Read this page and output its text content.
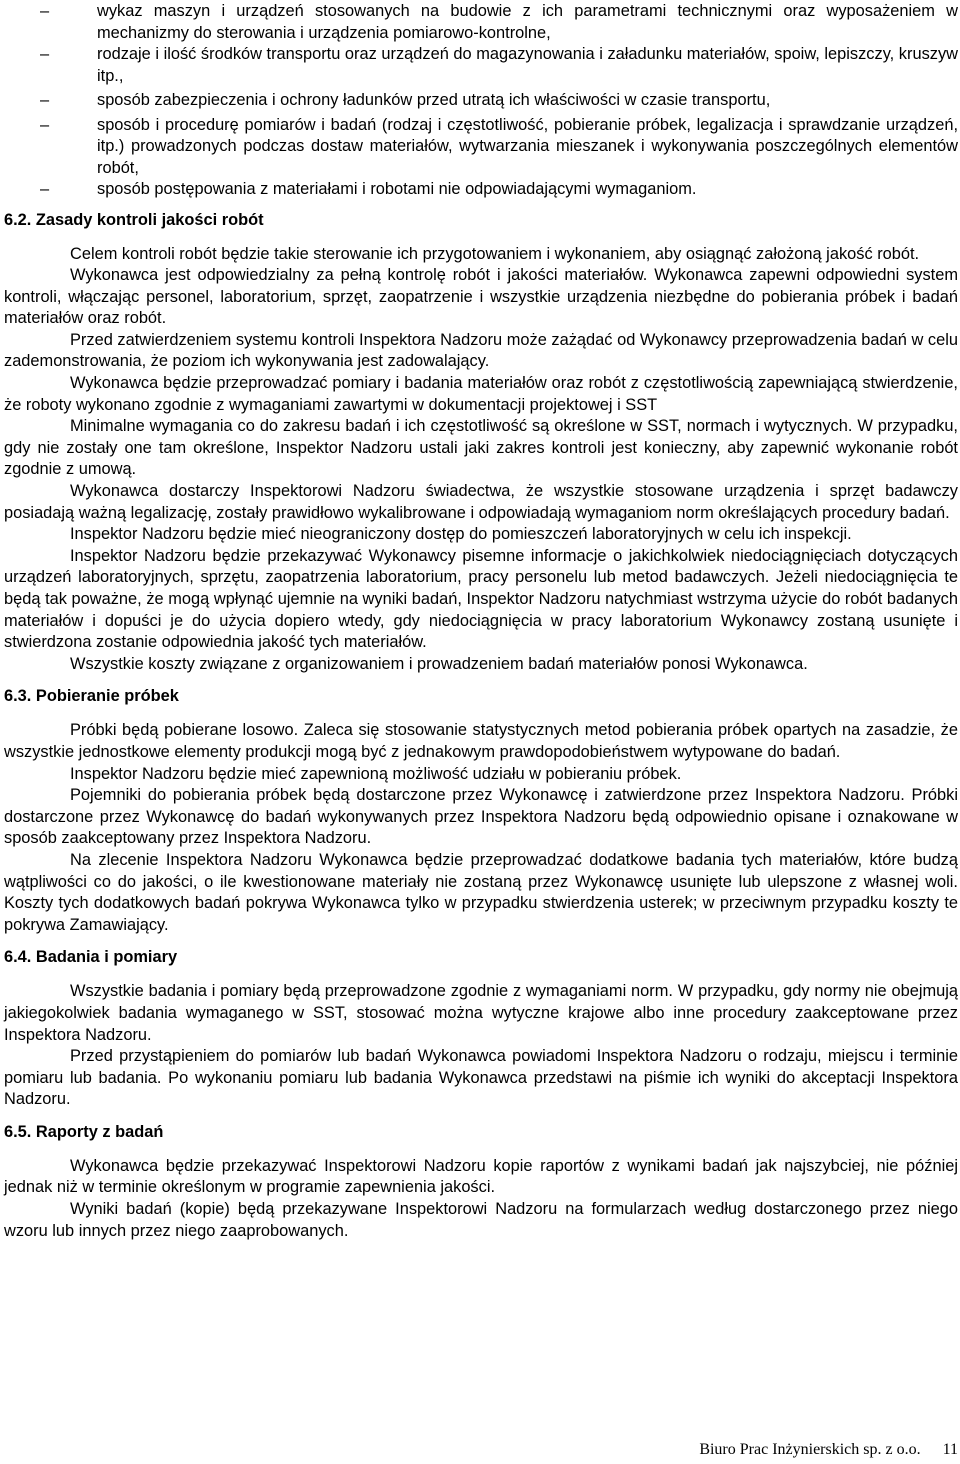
–	wykaz maszyn i urządzeń stosowanych na budowie z ich parametrami technicznymi oraz wyposażeniem w mechanizmy do sterowania i urządzenia pomiarowo-kontrolne,
–	rodzaje i ilość środków transportu oraz urządzeń do magazynowania i załadunku materiałów, spoiw, lepiszczy, kruszyw itp.,
–	sposób zabezpieczenia i ochrony ładunków przed utratą ich właściwości w czasie transportu,
–	sposób i procedurę pomiarów i badań (rodzaj i częstotliwość, pobieranie próbek, legalizacja i sprawdzanie urządzeń, itp.) prowadzonych podczas dostaw materiałów, wytwarzania mieszanek i wykonywania poszczególnych elementów robót,
–	sposób postępowania z materiałami i robotami nie odpowiadającymi wymaganiom.
6.2. Zasady kontroli jakości robót

Celem kontroli robót będzie takie sterowanie ich przygotowaniem i wykonaniem, aby osiągnąć założoną jakość robót.

Wykonawca jest odpowiedzialny za pełną kontrolę robót i jakości materiałów. Wykonawca zapewni odpowiedni system kontroli, włączając personel, laboratorium, sprzęt, zaopatrzenie i wszystkie urządzenia niezbędne do pobierania próbek i badań materiałów oraz robót.

Przed zatwierdzeniem systemu kontroli Inspektora Nadzoru może zażądać od Wykonawcy przeprowadzenia badań w celu zademonstrowania, że poziom ich wykonywania jest zadowalający.

Wykonawca będzie przeprowadzać pomiary i badania materiałów oraz robót z częstotliwością zapewniającą stwierdzenie, że roboty wykonano zgodnie z wymaganiami zawartymi w dokumentacji projektowej i SST

Minimalne wymagania co do zakresu badań i ich częstotliwość są określone w SST, normach i wytycznych. W przypadku, gdy nie zostały one tam określone, Inspektor Nadzoru ustali jaki zakres kontroli jest konieczny, aby zapewnić wykonanie robót zgodnie z umową.

Wykonawca dostarczy Inspektorowi Nadzoru świadectwa, że wszystkie stosowane urządzenia i sprzęt badawczy posiadają ważną legalizację, zostały prawidłowo wykalibrowane i odpowiadają wymaganiom norm określających procedury badań.

Inspektor Nadzoru będzie mieć nieograniczony dostęp do pomieszczeń laboratoryjnych w celu ich inspekcji.

Inspektor Nadzoru będzie przekazywać Wykonawcy pisemne informacje o jakichkolwiek niedociągnięciach dotyczących urządzeń laboratoryjnych, sprzętu, zaopatrzenia laboratorium, pracy personelu lub metod badawczych. Jeżeli niedociągnięcia te będą tak poważne, że mogą wpłynąć ujemnie na wyniki badań, Inspektor Nadzoru natychmiast wstrzyma użycie do robót badanych materiałów i dopuści je do użycia dopiero wtedy, gdy niedociągnięcia w pracy laboratorium Wykonawcy zostaną usunięte i stwierdzona zostanie odpowiednia jakość tych materiałów.

Wszystkie koszty związane z organizowaniem i prowadzeniem badań materiałów ponosi Wykonawca.

6.3. Pobieranie próbek

Próbki będą pobierane losowo. Zaleca się stosowanie statystycznych metod pobierania próbek opartych na zasadzie, że wszystkie jednostkowe elementy produkcji mogą być z jednakowym prawdopodobieństwem wytypowane do badań.

Inspektor Nadzoru będzie mieć zapewnioną możliwość udziału w pobieraniu próbek.

Pojemniki do pobierania próbek będą dostarczone przez Wykonawcę i zatwierdzone przez Inspektora Nadzoru. Próbki dostarczone przez Wykonawcę do badań wykonywanych przez Inspektora Nadzoru będą odpowiednio opisane i oznakowane w sposób zaakceptowany przez Inspektora Nadzoru.

Na zlecenie Inspektora Nadzoru Wykonawca będzie przeprowadzać dodatkowe badania tych materiałów, które budzą wątpliwości co do jakości, o ile kwestionowane materiały nie zostaną przez Wykonawcę usunięte lub ulepszone z własnej woli. Koszty tych dodatkowych badań pokrywa Wykonawca tylko w przypadku stwierdzenia usterek; w przeciwnym przypadku koszty te pokrywa Zamawiający.

6.4. Badania i pomiary

Wszystkie badania i pomiary będą przeprowadzone zgodnie z wymaganiami norm. W przypadku, gdy normy nie obejmują jakiegokolwiek badania wymaganego w SST, stosować można wytyczne krajowe albo inne procedury zaakceptowane przez Inspektora Nadzoru.

Przed przystąpieniem do pomiarów lub badań Wykonawca powiadomi Inspektora Nadzoru o rodzaju, miejscu i terminie pomiaru lub badania. Po wykonaniu pomiaru lub badania Wykonawca przedstawi na piśmie ich wyniki do akceptacji Inspektora Nadzoru.

6.5. Raporty z badań

Wykonawca będzie przekazywać Inspektorowi Nadzoru kopie raportów z wynikami badań jak najszybciej, nie później jednak niż w terminie określonym w programie zapewnienia jakości.

Wyniki badań (kopie) będą przekazywane Inspektorowi Nadzoru na formularzach według dostarczonego przez niego wzoru lub innych przez niego zaaprobowanych.

Biuro Prac Inżynierskich sp. z o.o. 11
